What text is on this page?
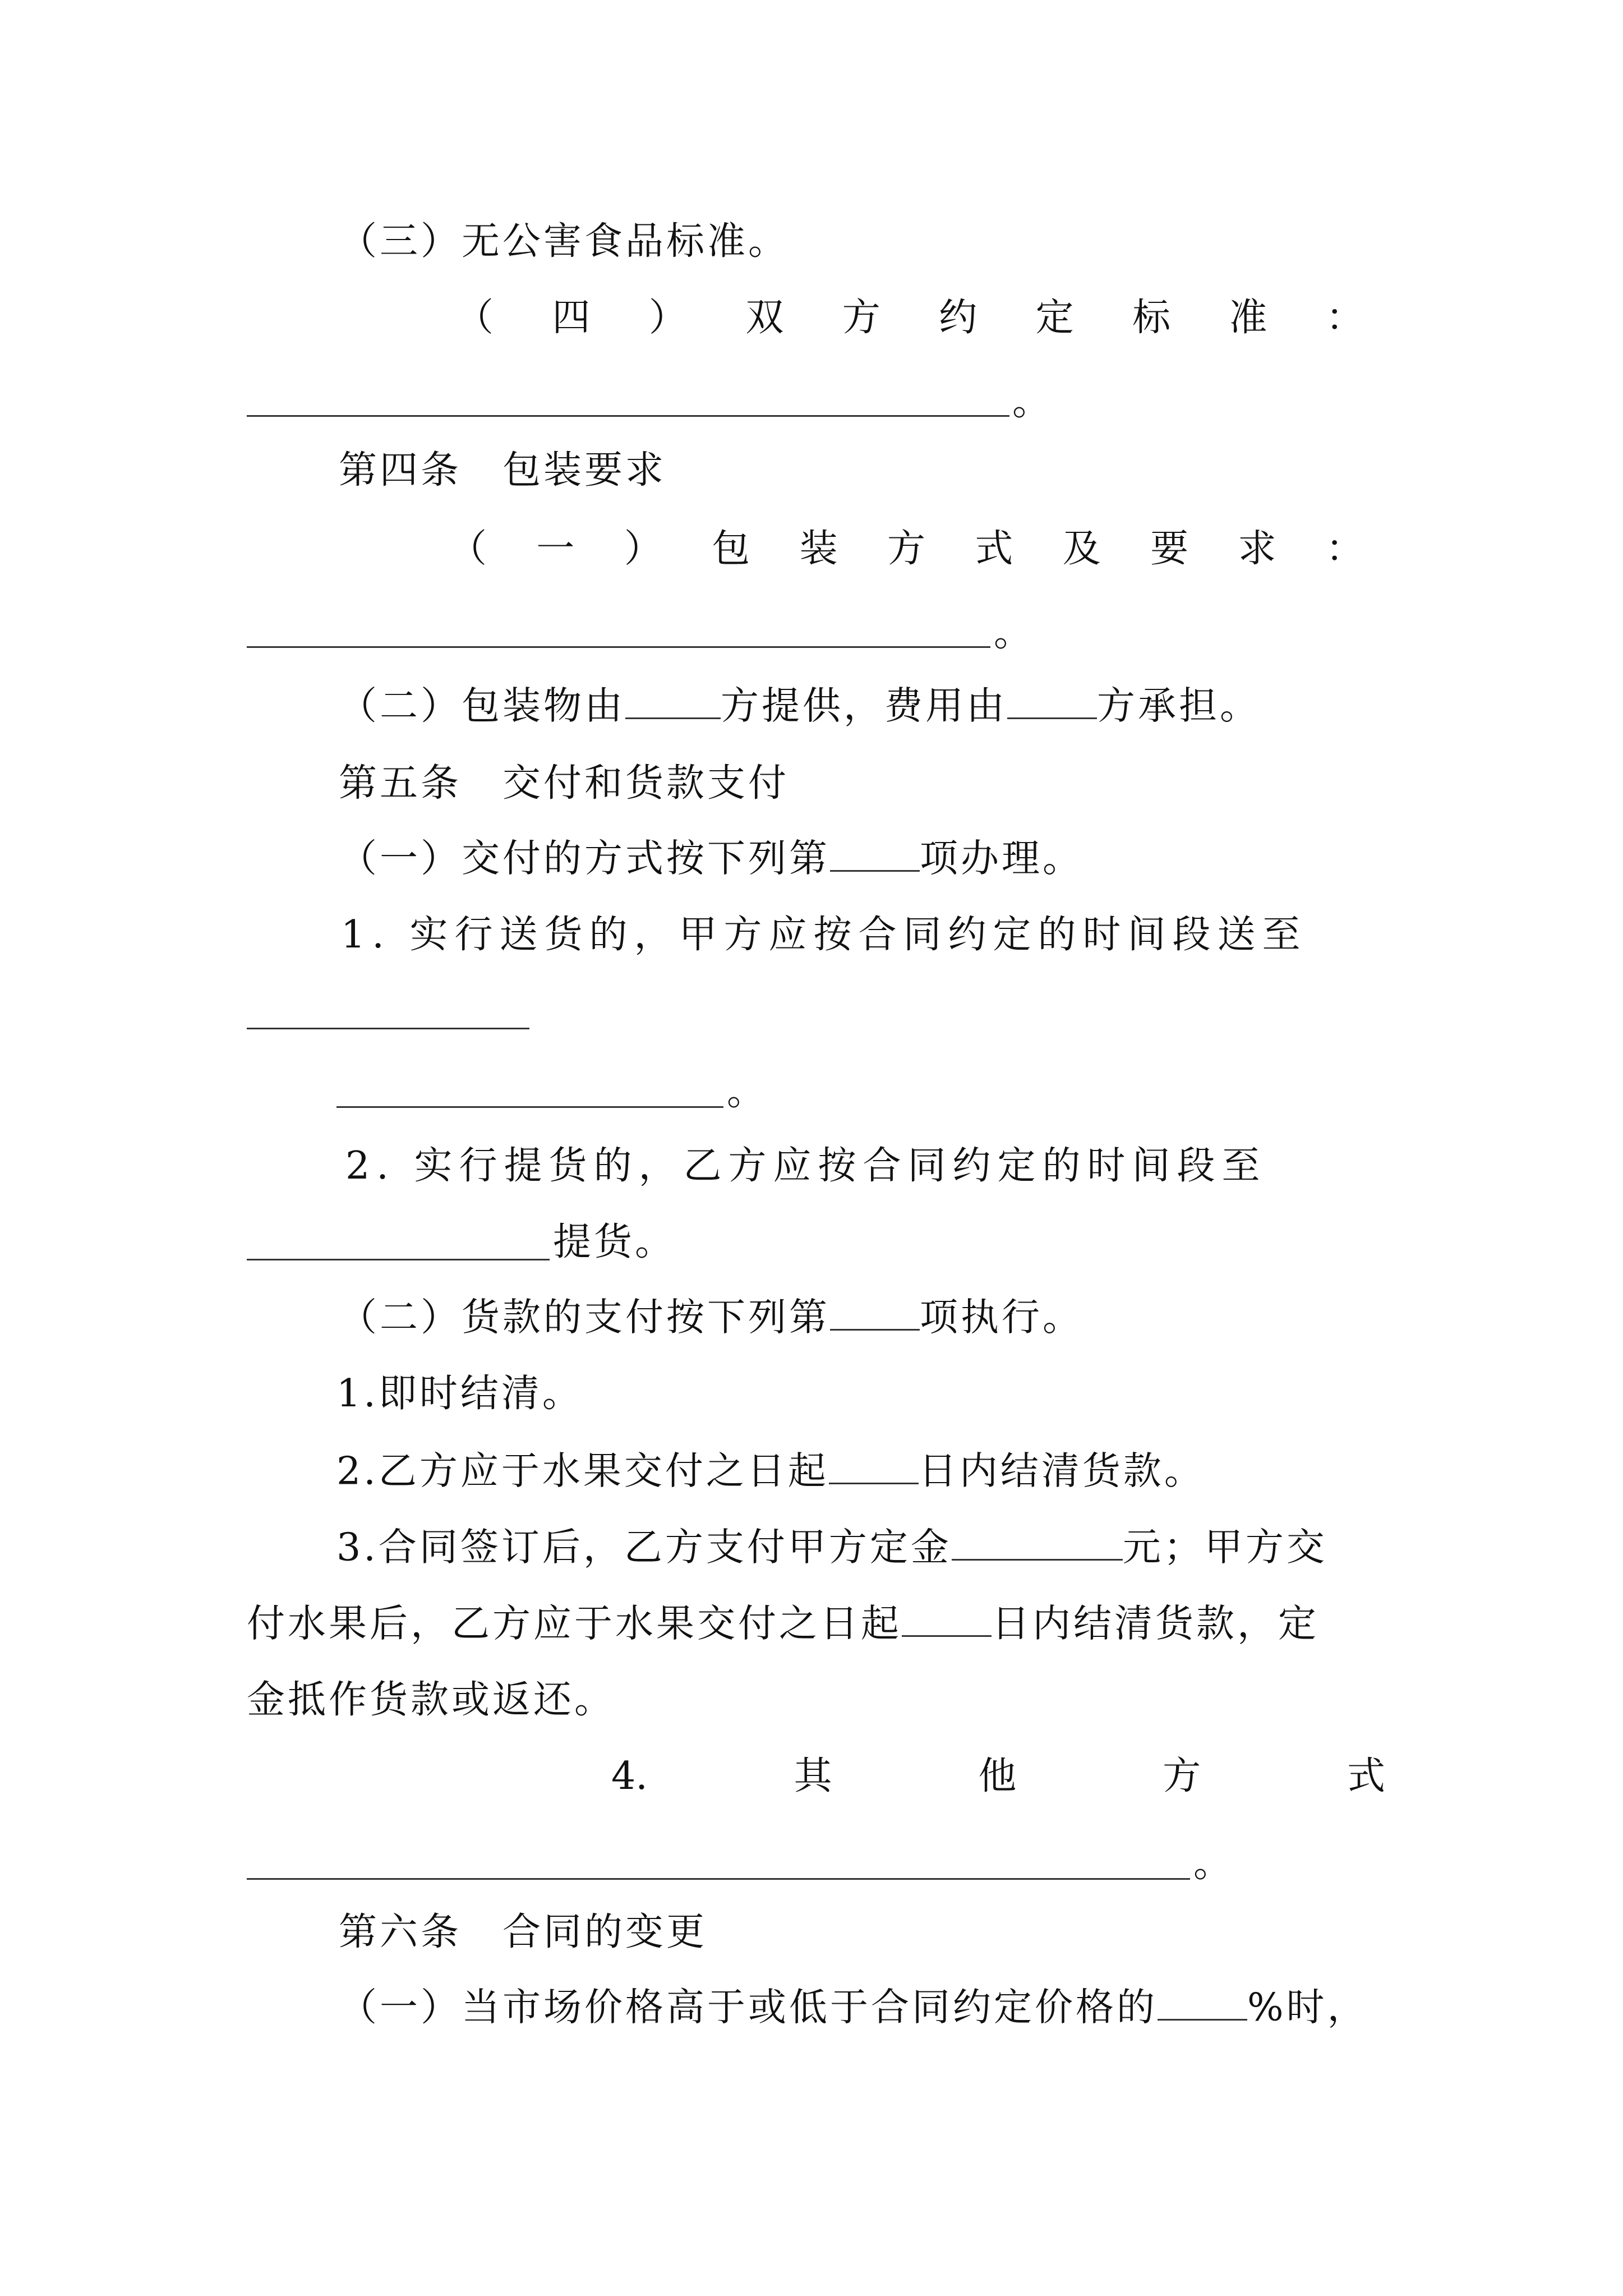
（三）无公害食品标准。
（ 四 ） 双 方 约 定 标 准 ：
。
第四条　包装要求
（ 一 ） 包 装 方 式 及 要 求 ：
。
（二）包装物由	方提供，费用由 方承担。
第五条　交付和货款支付
（一）交付的方式按下列第 项办理。
1. 实行送货的，甲方应按合同约定的时间段送至
。
2. 实行提货的，乙方应按合同约定的时间段至
提货。
（二）货款的支付按下列第 项执行。
1.即时结清。
2.乙方应于水果交付之日起 日内结清货款。
3.合同签订后，乙方支付甲方定金	元；甲方交
付水果后，乙方应于水果交付之日起 日内结清货款，定
金抵作货款或返还。
4.	其	他	方	式
。
第六条　合同的变更
（一）当市场价格高于或低于合同约定价格的 %时，
